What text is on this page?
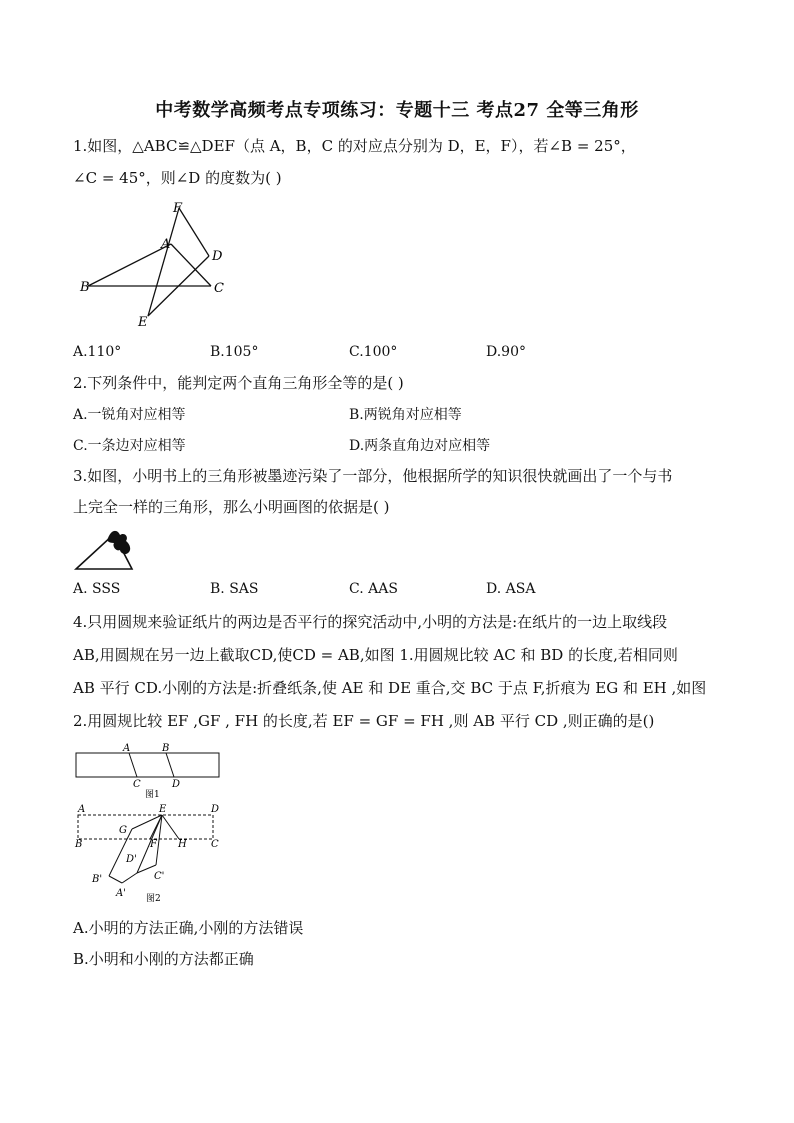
中考数学高频考点专项练习：专题十三 考点27 全等三角形
1.如图，△ABC≌△DEF（点 A，B，C 的对应点分别为 D，E，F），若∠B = 25°，
∠C = 45°，则∠D 的度数为( )
F
A
D
B	C
E
A.110°	B.105°	C.100°	D.90°
2.下列条件中，能判定两个直角三角形全等的是( )
A.一锐角对应相等	B.两锐角对应相等
C.一条边对应相等	D.两条直角边对应相等
3.如图，小明书上的三角形被墨迹污染了一部分，他根据所学的知识很快就画出了一个与书
上完全一样的三角形，那么小明画图的依据是( )
A. SSS	B. SAS	C. AAS	D. ASA
4.只用圆规来验证纸片的两边是否平行的探究活动中,小明的方法是:在纸片的一边上取线段
AB,用圆规在另一边上截取CD,使CD = AB,如图 1.用圆规比较 AC 和 BD 的长度,若相同则
AB 平行 CD.小刚的方法是:折叠纸条,使 AE 和 DE 重合,交 BC 于点 F,折痕为 EG 和 EH ,如图
2.用圆规比较 EF ,GF , FH 的长度,若 EF = GF = FH ,则 AB 平行 CD ,则正确的是()
A	B
C	D
图1
A	E	D
G
B
D'
F H C
B'	C'
A' 图2
A.小明的方法正确,小刚的方法错误
B.小明和小刚的方法都正确
